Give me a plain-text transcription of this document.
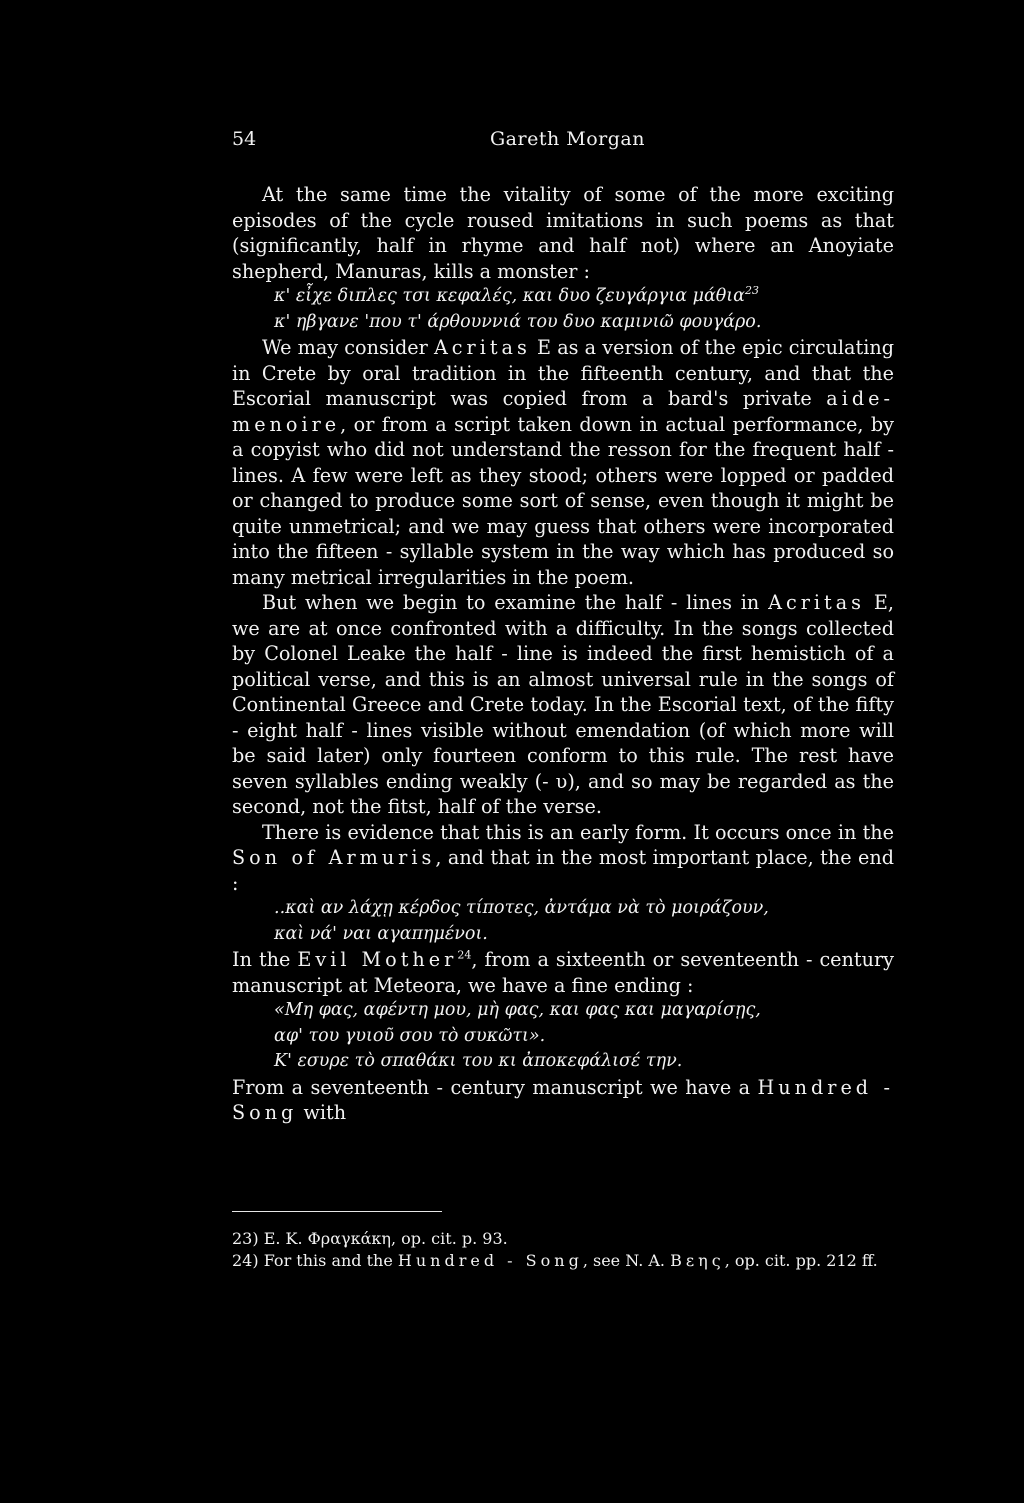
54	Gareth Morgan

At the same time the vitality of some of the more exciting episodes of the cycle roused imitations in such poems as that (significantly, half in rhyme and half not) where an Anoyiate shepherd, Manuras, kills a monster :

κ' εἶχε διπλες τσι κεφαλές, και δυο ζευγάργια μάθια$^{23}$
κ' ηβγανε 'που τ' άρθουννιά του δυο καμινιῶ φουγάρο.

We may consider Acritas E as a version of the epic circulating in Crete by oral tradition in the fifteenth century, and that the Escorial manuscript was copied from a bard's private aide-menoire, or from a script taken down in actual performance, by a copyist who did not understand the resson for the frequent half - lines. A few were left as they stood; others were lopped or padded or changed to produce some sort of sense, even though it might be quite unmetrical; and we may guess that others were incorporated into the fifteen - syllable system in the way which has produced so many metrical irregularities in the poem.

But when we begin to examine the half - lines in Acritas E, we are at once confronted with a difficulty. In the songs collected by Colonel Leake the half - line is indeed the first hemistich of a political verse, and this is an almost universal rule in the songs of Continental Greece and Crete today. In the Escorial text, of the fifty - eight half - lines visible without emendation (of which more will be said later) only fourteen conform to this rule. The rest have seven syllables ending weakly (- υ), and so may be regarded as the second, not the fitst, half of the verse.

There is evidence that this is an early form. It occurs once in the Son of Armuris, and that in the most important place, the end :

..καὶ αν λάχῃ κέρδος τίποτες, ἀντάμα νὰ τὸ μοιράζουν,
καὶ νά' ναι αγαπημένοι.

In the Evil Mother$^{24}$, from a sixteenth or seventeenth - century manuscript at Meteora, we have a fine ending :

«Μη φας, αφέντη μου, μὴ φας, και φας και μαγαρίσῃς,
αφ' του γυιοῦ σου τὸ συκῶτι».
Κ' εσυρε τὸ σπαθάκι του κι ἀποκεφάλισέ την.

From a seventeenth - century manuscript we have a Hundred - Song with

23) E. K. Φραγκάκη, op. cit. p. 93.

24) For this and the Hundred - Song, see N. A. Βεης, op. cit. pp. 212 ff.
